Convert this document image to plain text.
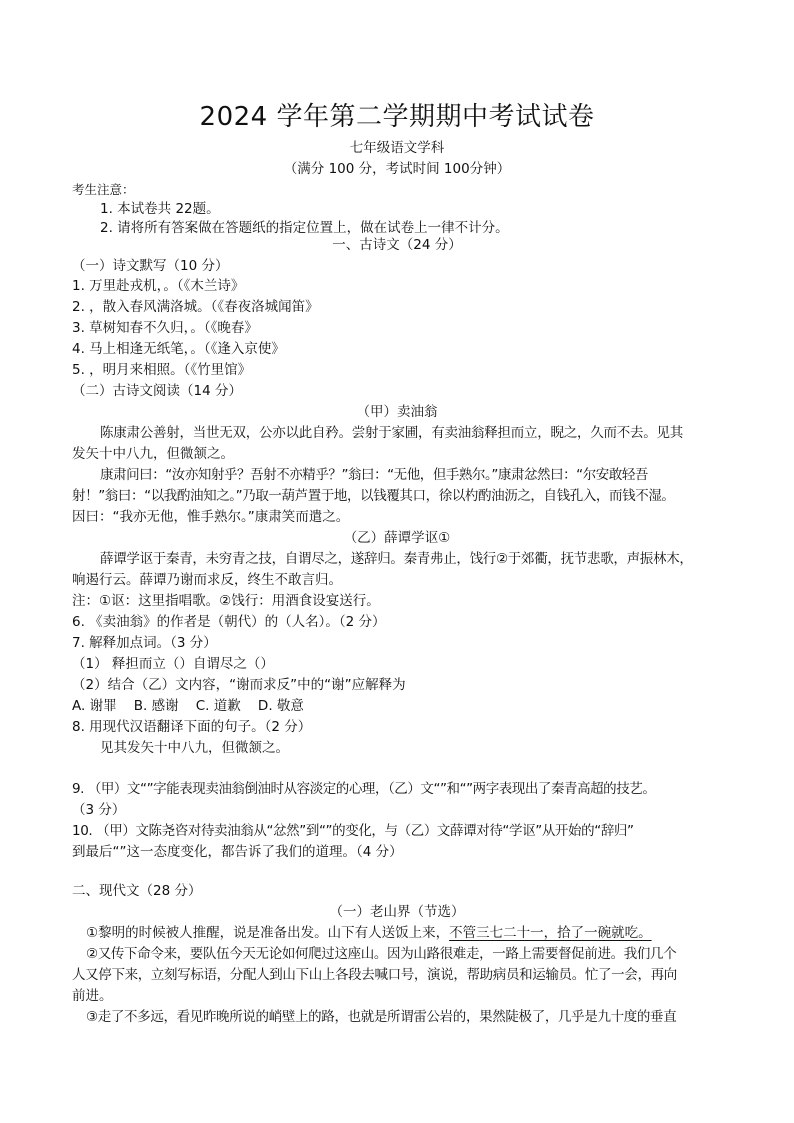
2024 学年第二学期期中考试试卷
七年级语文学科
（满分 100 分，考试时间 100分钟）
考生注意：
1. 本试卷共 22题。
2. 请将所有答案做在答题纸的指定位置上，做在试卷上一律不计分。
一、古诗文（24 分）
（一）诗文默写（10 分）
1. 万里赴戎机，。（《木兰诗》
2. ，散入春风满洛城。（《春夜洛城闻笛》
3. 草树知春不久归，。（《晚春》
4. 马上相逢无纸笔，。（《逢入京使》
5. ，明月来相照。（《竹里馆》
（二）古诗文阅读（14 分）
（甲）卖油翁
陈康肃公善射，当世无双，公亦以此自矜。尝射于家圃，有卖油翁释担而立，睨之，久而不去。见其
发矢十中八九，但微颔之。
康肃问曰：“汝亦知射乎？吾射不亦精乎？”翁曰：“无他，但手熟尔。”康肃忿然曰：“尔安敢轻吾
射！”翁曰：“以我酌油知之。”乃取一葫芦置于地，以钱覆其口，徐以杓酌油沥之，自钱孔入，而钱不湿。
因曰：“我亦无他，惟手熟尔。”康肃笑而遣之。
（乙）薛谭学讴①
薛谭学讴于秦青，未穷青之技，自谓尽之，遂辞归。秦青弗止，饯行②于郊衢，抚节悲歌，声振林木，
响遏行云。薛谭乃谢而求反，终生不敢言归。
注：①讴：这里指唱歌。②饯行：用酒食设宴送行。
6. 《卖油翁》的作者是（朝代）的（人名）。（2 分）
7. 解释加点词。（3 分）
（1） 释担而立（）自谓尽之（）
（2）结合（乙）文内容，“谢而求反”中的“谢”应解释为
A. 谢罪    B. 感谢    C. 道歉    D. 敬意
8. 用现代汉语翻译下面的句子。（2 分）
见其发矢十中八九，但微颔之。
9. （甲）文“”字能表现卖油翁倒油时从容淡定的心理，（乙）文“”和“”两字表现出了秦青高超的技艺。
（3 分）
10. （甲）文陈尧咨对待卖油翁从“忿然”到“”的变化，与（乙）文薛谭对待“学讴”从开始的“辞归”
到最后“”这一态度变化，都告诉了我们的道理。（4 分）
二、现代文（28 分）
（一）老山界（节选）
①黎明的时候被人推醒，说是准备出发。山下有人送饭上来，不管三七二十一，拾了一碗就吃。
②又传下命令来，要队伍今天无论如何爬过这座山。因为山路很难走，一路上需要督促前进。我们几个
人又停下来，立刻写标语，分配人到山下山上各段去喊口号，演说，帮助病员和运输员。忙了一会，再向
前进。
③走了不多远，看见昨晚所说的峭壁上的路，也就是所谓雷公岩的，果然陡极了，几乎是九十度的垂直
